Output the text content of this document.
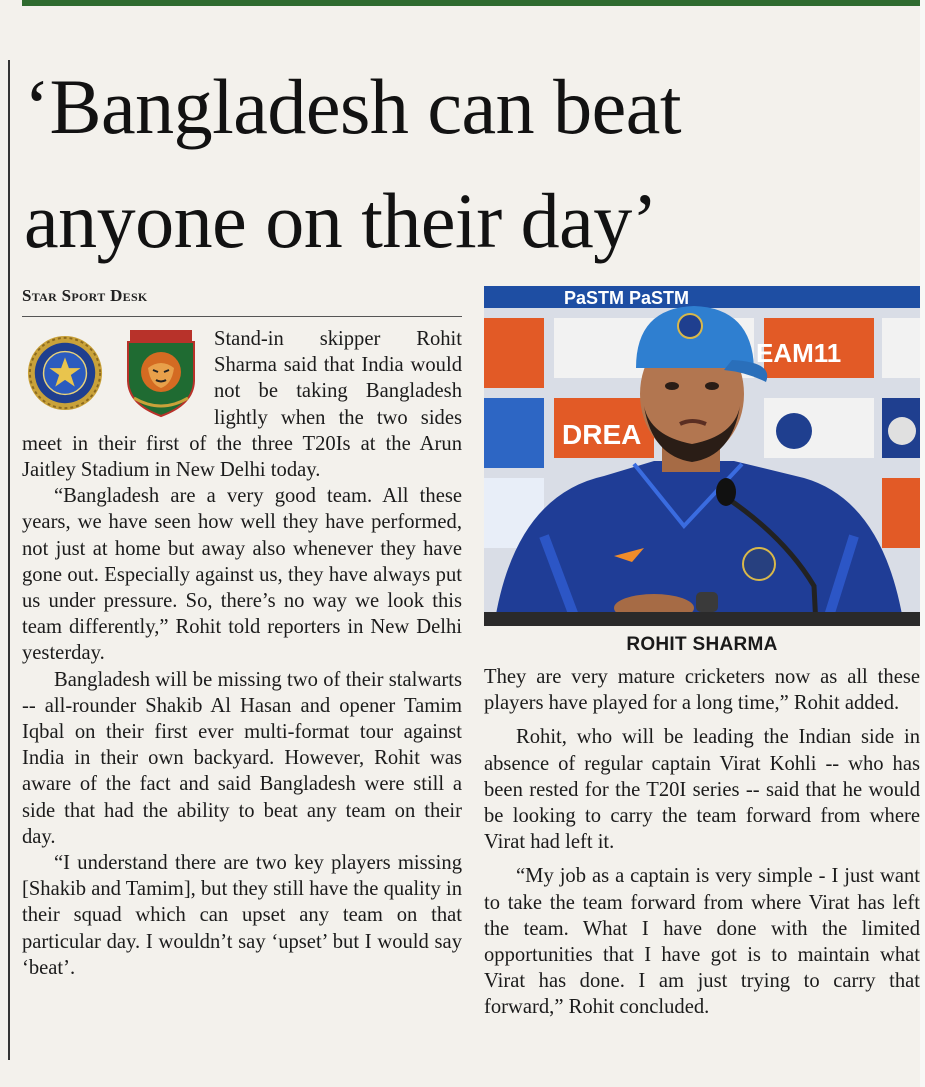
‘Bangladesh can beat
anyone on their day’

Star Sport Desk

Stand-in skipper Rohit Sharma said that India would not be taking Bangladesh lightly when the two sides meet in their first of the three T20Is at the Arun Jaitley Stadium in New Delhi today.

“Bangladesh are a very good team. All these years, we have seen how well they have performed, not just at home but away also whenever they have gone out. Especially against us, they have always put us under pressure. So, there’s no way we look this team differently,” Rohit told reporters in New Delhi yesterday.

Bangladesh will be missing two of their stalwarts -- all-rounder Shakib Al Hasan and opener Tamim Iqbal on their first ever multi-format tour against India in their own backyard. However, Rohit was aware of the fact and said Bangladesh were still a side that had the ability to beat any team on their day.

“I understand there are two key players missing [Shakib and Tamim], but they still have the quality in their squad which can upset any team on that particular day. I wouldn’t say ‘upset’ but I would say ‘beat’.

EAM11
DREA
PaSTM PaSTM

ROHIT SHARMA

They are very mature cricketers now as all these players have played for a long time,” Rohit added.

Rohit, who will be leading the Indian side in absence of regular captain Virat Kohli -- who has been rested for the T20I series -- said that he would be looking to carry the team forward from where Virat had left it.

“My job as a captain is very simple - I just want to take the team forward from where Virat has left the team. What I have done with the limited opportunities that I have got is to maintain what Virat has done. I am just trying to carry that forward,” Rohit concluded.
